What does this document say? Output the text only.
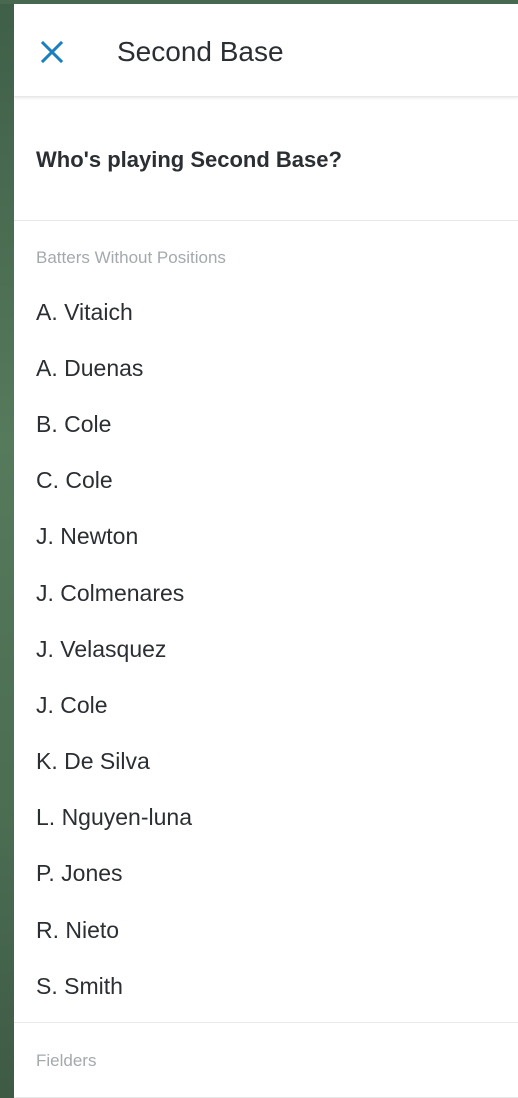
Second Base
Who's playing Second Base?
Batters Without Positions
A. Vitaich
A. Duenas
B. Cole
C. Cole
J. Newton
J. Colmenares
J. Velasquez
J. Cole
K. De Silva
L. Nguyen-luna
P. Jones
R. Nieto
S. Smith
Fielders
